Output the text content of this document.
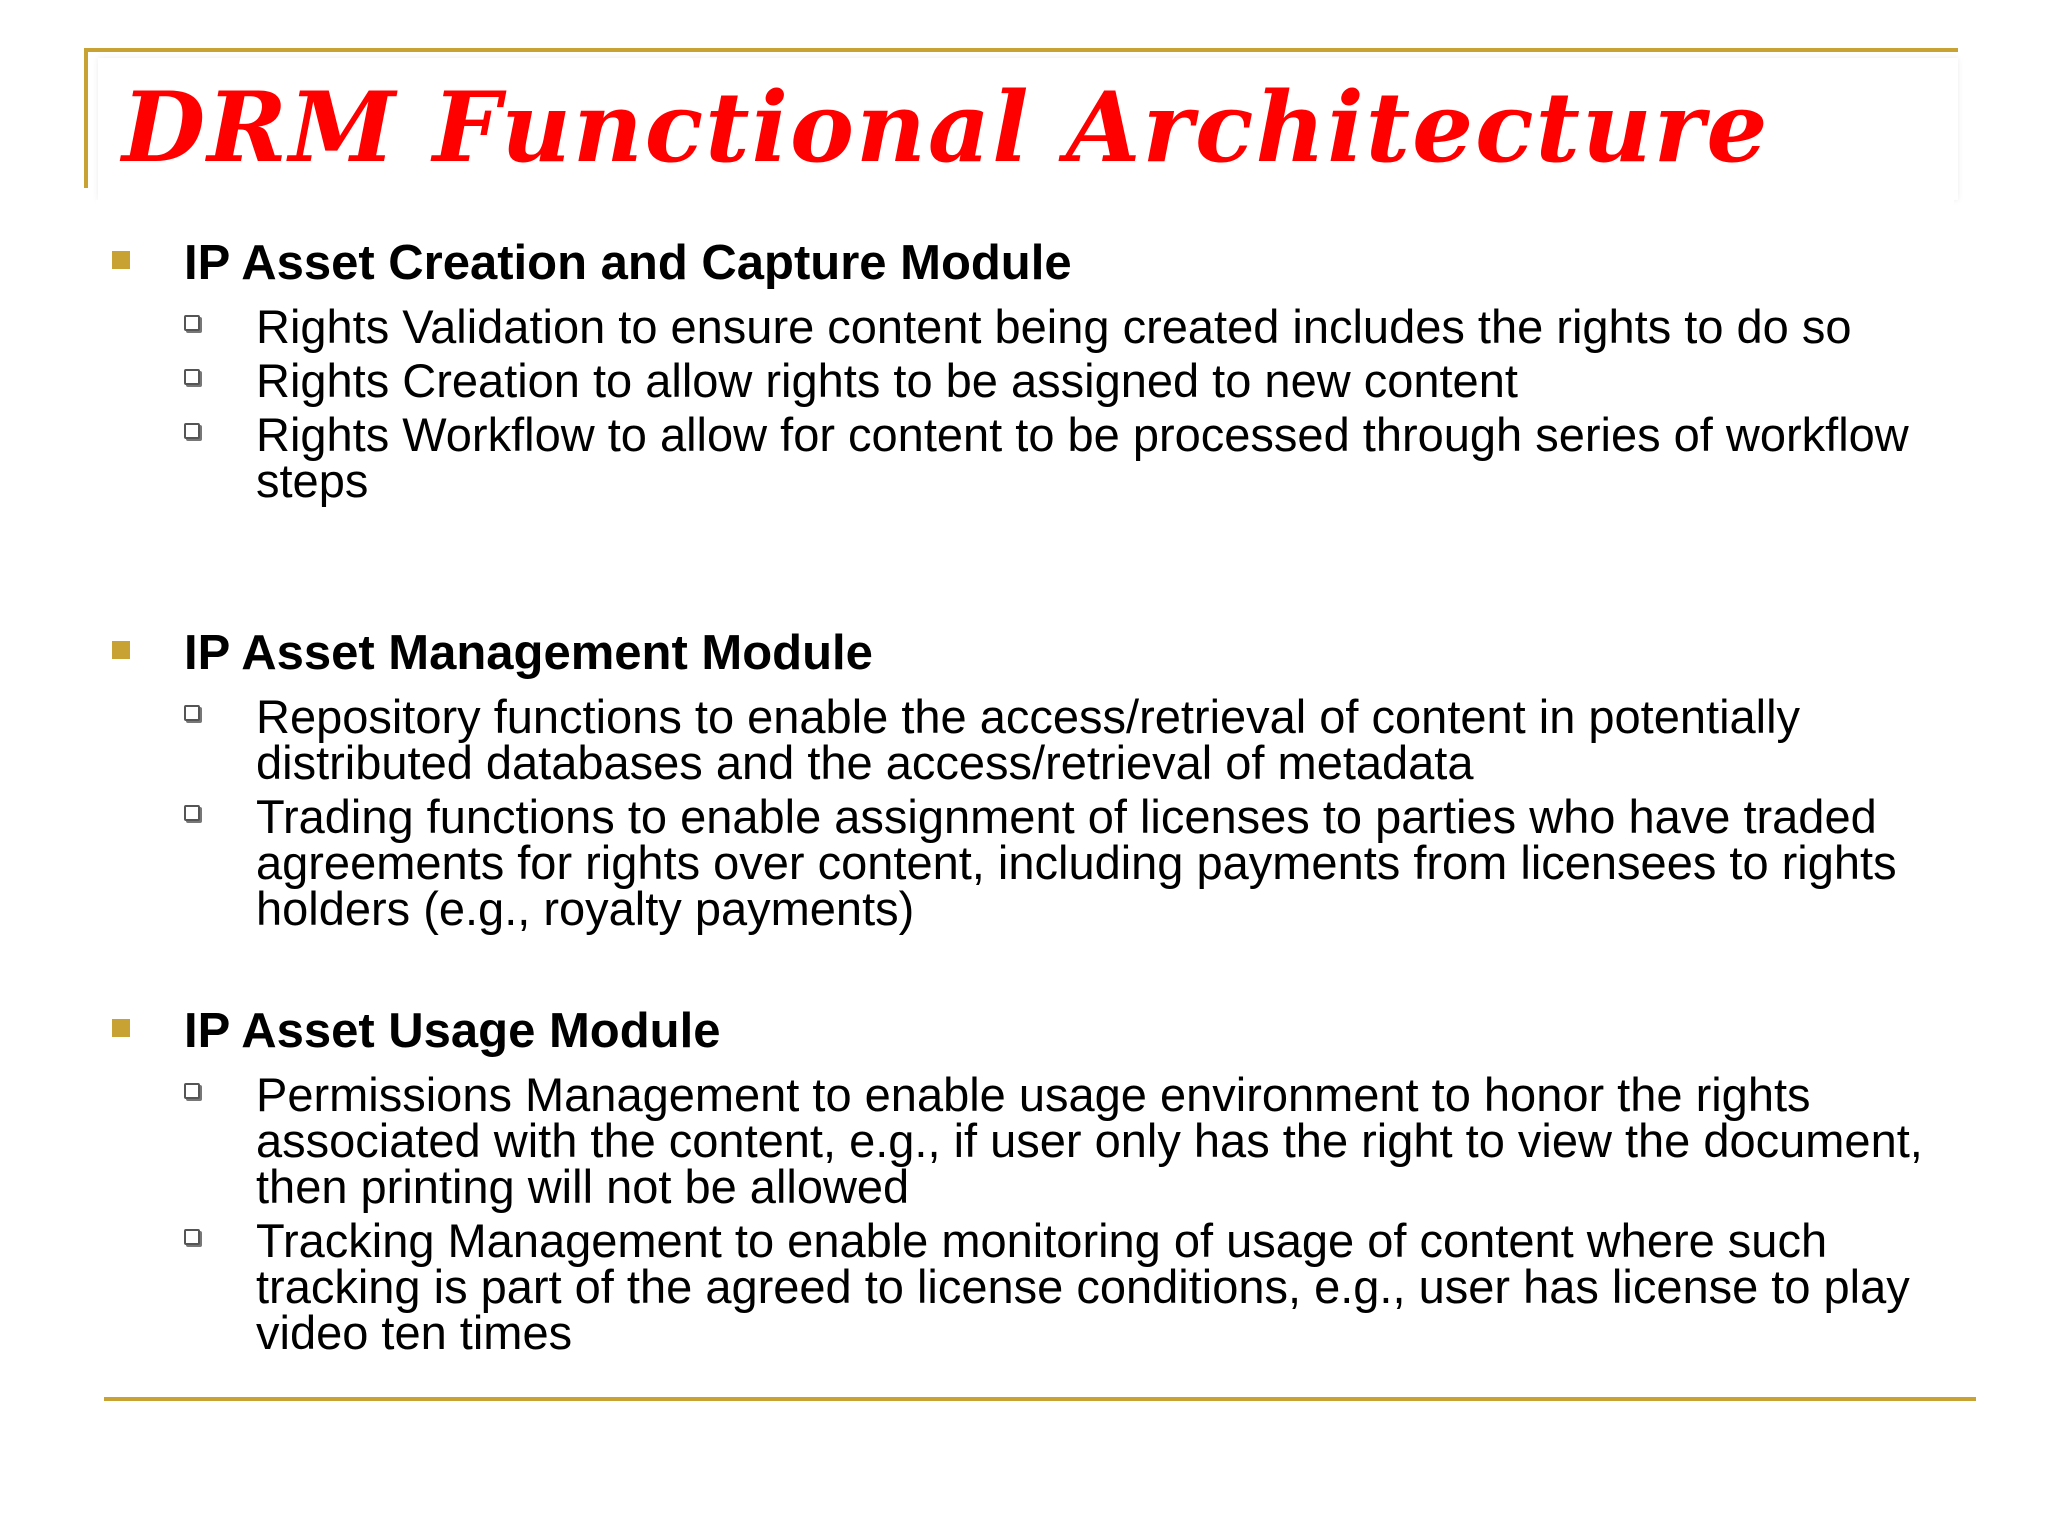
DRM Functional Architecture
IP Asset Creation and Capture Module
Rights Validation to ensure content being created includes the rights to do so
Rights Creation to allow rights to be assigned to new content
Rights Workflow to allow for content to be processed through series of workflow steps
IP Asset Management Module
Repository functions to enable the access/retrieval of content in potentially distributed databases and the access/retrieval of metadata
Trading functions to enable assignment of licenses to parties who have traded agreements for rights over content, including payments from licensees to rights holders (e.g., royalty payments)
IP Asset Usage Module
Permissions Management to enable usage environment to honor the rights associated with the content, e.g., if user only has the right to view the document, then printing will not be allowed
Tracking Management to enable monitoring of usage of content where such tracking is part of the agreed to license conditions, e.g., user has license to play video ten times
